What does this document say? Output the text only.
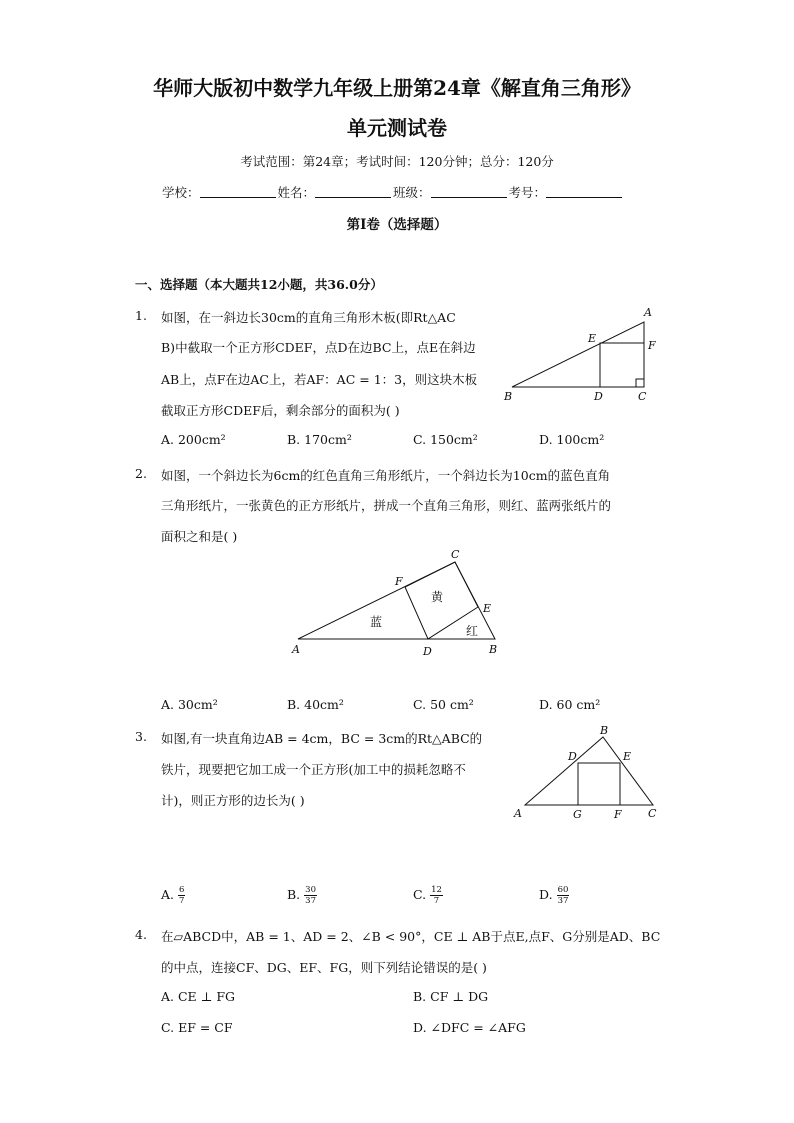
华师大版初中数学九年级上册第24章《解直角三角形》
单元测试卷
考试范围：第24章；考试时间：120分钟；总分：120分
学校：	姓名：	班级：	考号：
第I卷（选择题）
一、选择题（本大题共12小题，共36.0分）
1. 如图，在一斜边长30cm的直角三角形木板(即Rt△AC
B)中截取一个正方形CDEF，点D在边BC上，点E在斜边
AB上，点F在边AC上，若AF：AC = 1：3，则这块木板
截取正方形CDEF后，剩余部分的面积为( )
A
E
F
B	D	C
A. 200cm²	B. 170cm²	C. 150cm²	D. 100cm²
2. 如图，一个斜边长为6cm的红色直角三角形纸片，一个斜边长为10cm的蓝色直角
三角形纸片，一张黄色的正方形纸片，拼成一个直角三角形，则红、蓝两张纸片的
面积之和是( )
C
F
E
A	D	B
黄
蓝
红
A. 30cm²	B. 40cm²	C. 50 cm²	D. 60 cm²
3. 如图,有一块直角边AB = 4cm，BC = 3cm的Rt△ABC的
铁片，现要把它加工成一个正方形(加工中的损耗忽略不
计)，则正方形的边长为( )
B
D	E
A	G	F C
A. $\frac{6}{7}$	B. $\frac{30}{37}$	C. $\frac{12}{7}$	D. $\frac{60}{37}$
4. 在▱ABCD中，AB = 1、AD = 2、∠B < 90°，CE ⊥ AB于点E,点F、G分别是AD、BC
的中点，连接CF、DG、EF、FG，则下列结论错误的是( )
A. CE ⊥ FG	B. CF ⊥ DG
C. EF = CF	D. ∠DFC = ∠AFG
